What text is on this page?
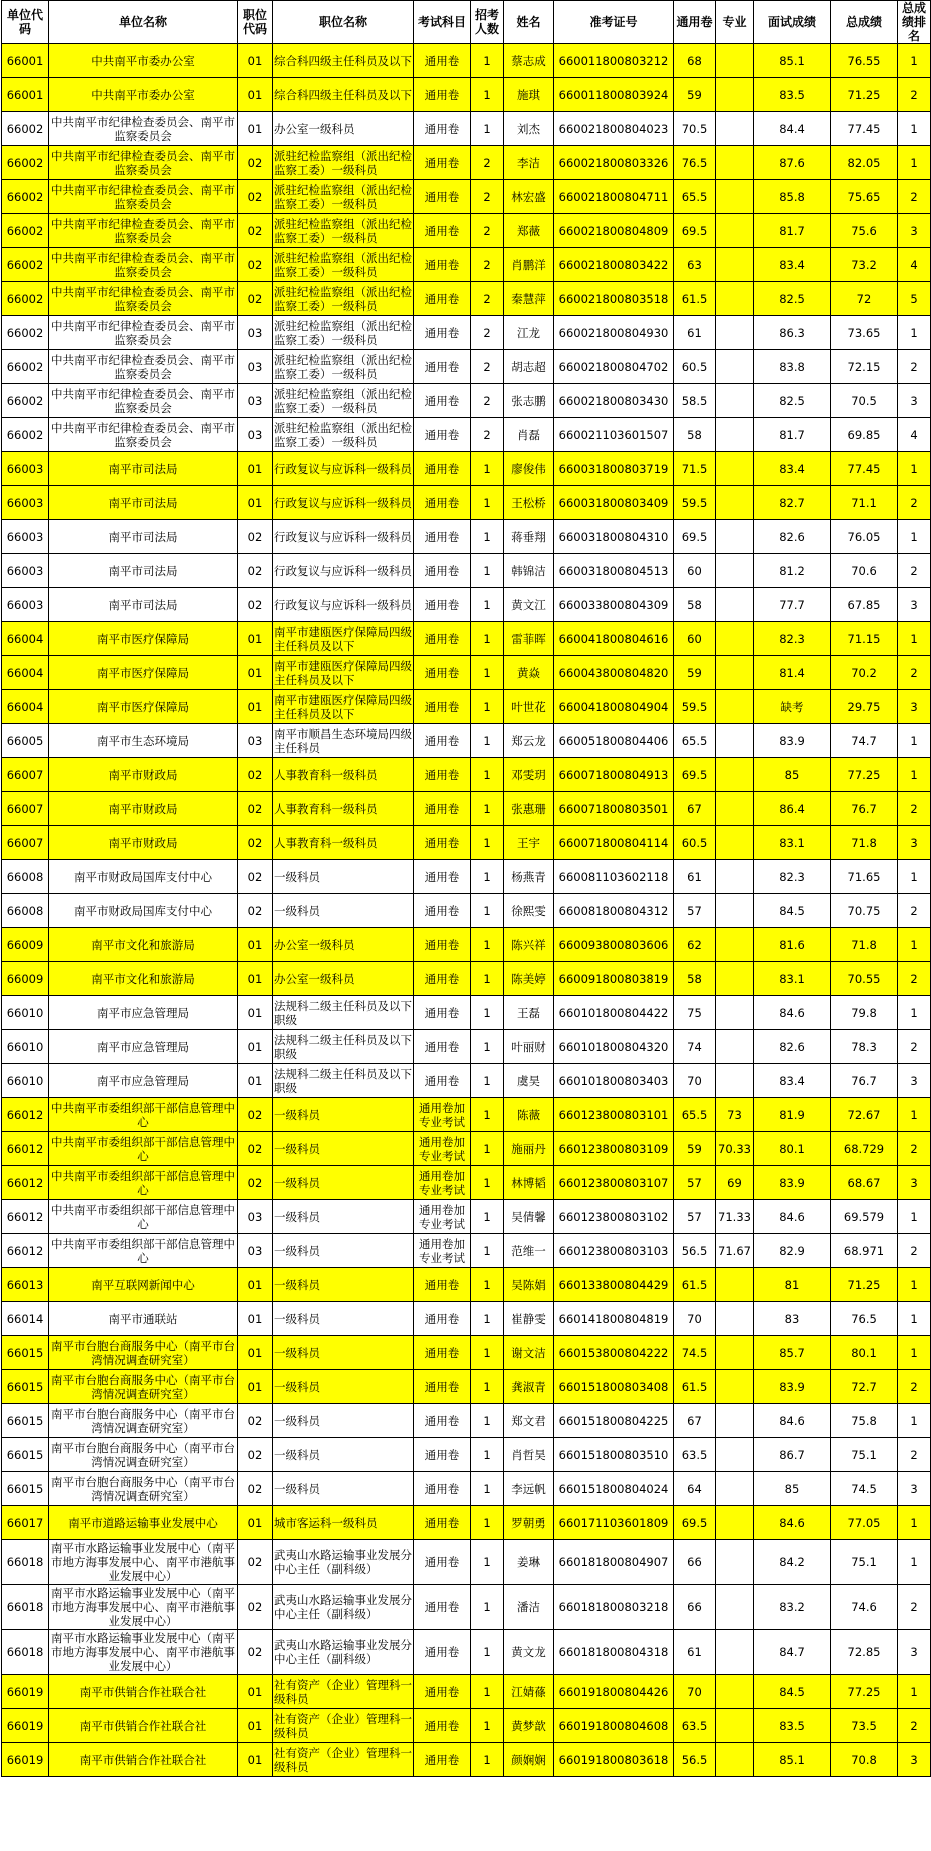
单位代码	单位名称	职位代码	职位名称	考试科目	招考人数	姓名	准考证号	通用卷	专业	面试成绩	总成绩	总成绩排名
66001	中共南平市委办公室	01	综合科四级主任科员及以下	通用卷	1	蔡志成	660011800803212	68		85.1	76.55	1
66001	中共南平市委办公室	01	综合科四级主任科员及以下	通用卷	1	施琪	660011800803924	59		83.5	71.25	2
66002	中共南平市纪律检查委员会、南平市监察委员会	01	办公室一级科员	通用卷	1	刘杰	660021800804023	70.5		84.4	77.45	1
66002	中共南平市纪律检查委员会、南平市监察委员会	02	派驻纪检监察组（派出纪检监察工委）一级科员	通用卷	2	李洁	660021800803326	76.5		87.6	82.05	1
66002	中共南平市纪律检查委员会、南平市监察委员会	02	派驻纪检监察组（派出纪检监察工委）一级科员	通用卷	2	林宏盛	660021800804711	65.5		85.8	75.65	2
66002	中共南平市纪律检查委员会、南平市监察委员会	02	派驻纪检监察组（派出纪检监察工委）一级科员	通用卷	2	郑薇	660021800804809	69.5		81.7	75.6	3
66002	中共南平市纪律检查委员会、南平市监察委员会	02	派驻纪检监察组（派出纪检监察工委）一级科员	通用卷	2	肖鹏洋	660021800803422	63		83.4	73.2	4
66002	中共南平市纪律检查委员会、南平市监察委员会	02	派驻纪检监察组（派出纪检监察工委）一级科员	通用卷	2	秦慧萍	660021800803518	61.5		82.5	72	5
66002	中共南平市纪律检查委员会、南平市监察委员会	03	派驻纪检监察组（派出纪检监察工委）一级科员	通用卷	2	江龙	660021800804930	61		86.3	73.65	1
66002	中共南平市纪律检查委员会、南平市监察委员会	03	派驻纪检监察组（派出纪检监察工委）一级科员	通用卷	2	胡志超	660021800804702	60.5		83.8	72.15	2
66002	中共南平市纪律检查委员会、南平市监察委员会	03	派驻纪检监察组（派出纪检监察工委）一级科员	通用卷	2	张志鹏	660021800803430	58.5		82.5	70.5	3
66002	中共南平市纪律检查委员会、南平市监察委员会	03	派驻纪检监察组（派出纪检监察工委）一级科员	通用卷	2	肖磊	660021103601507	58		81.7	69.85	4
66003	南平市司法局	01	行政复议与应诉科一级科员	通用卷	1	廖俊伟	660031800803719	71.5		83.4	77.45	1
66003	南平市司法局	01	行政复议与应诉科一级科员	通用卷	1	王松桥	660031800803409	59.5		82.7	71.1	2
66003	南平市司法局	02	行政复议与应诉科一级科员	通用卷	1	蒋垂翔	660031800804310	69.5		82.6	76.05	1
66003	南平市司法局	02	行政复议与应诉科一级科员	通用卷	1	韩锦洁	660031800804513	60		81.2	70.6	2
66003	南平市司法局	02	行政复议与应诉科一级科员	通用卷	1	黄文江	660033800804309	58		77.7	67.85	3
66004	南平市医疗保障局	01	南平市建瓯医疗保障局四级主任科员及以下	通用卷	1	雷菲晖	660041800804616	60		82.3	71.15	1
66004	南平市医疗保障局	01	南平市建瓯医疗保障局四级主任科员及以下	通用卷	1	黄焱	660043800804820	59		81.4	70.2	2
66004	南平市医疗保障局	01	南平市建瓯医疗保障局四级主任科员及以下	通用卷	1	叶世花	660041800804904	59.5		缺考	29.75	3
66005	南平市生态环境局	03	南平市顺昌生态环境局四级主任科员	通用卷	1	郑云龙	660051800804406	65.5		83.9	74.7	1
66007	南平市财政局	02	人事教育科一级科员	通用卷	1	邓雯玥	660071800804913	69.5		85	77.25	1
66007	南平市财政局	02	人事教育科一级科员	通用卷	1	张惠珊	660071800803501	67		86.4	76.7	2
66007	南平市财政局	02	人事教育科一级科员	通用卷	1	王宇	660071800804114	60.5		83.1	71.8	3
66008	南平市财政局国库支付中心	02	一级科员	通用卷	1	杨燕青	660081103602118	61		82.3	71.65	1
66008	南平市财政局国库支付中心	02	一级科员	通用卷	1	徐熙雯	660081800804312	57		84.5	70.75	2
66009	南平市文化和旅游局	01	办公室一级科员	通用卷	1	陈兴祥	660093800803606	62		81.6	71.8	1
66009	南平市文化和旅游局	01	办公室一级科员	通用卷	1	陈美婷	660091800803819	58		83.1	70.55	2
66010	南平市应急管理局	01	法规科二级主任科员及以下职级	通用卷	1	王磊	660101800804422	75		84.6	79.8	1
66010	南平市应急管理局	01	法规科二级主任科员及以下职级	通用卷	1	叶丽财	660101800804320	74		82.6	78.3	2
66010	南平市应急管理局	01	法规科二级主任科员及以下职级	通用卷	1	虞昊	660101800803403	70		83.4	76.7	3
66012	中共南平市委组织部干部信息管理中心	02	一级科员	通用卷加专业考试	1	陈薇	660123800803101	65.5	73	81.9	72.67	1
66012	中共南平市委组织部干部信息管理中心	02	一级科员	通用卷加专业考试	1	施丽丹	660123800803109	59	70.33	80.1	68.729	2
66012	中共南平市委组织部干部信息管理中心	02	一级科员	通用卷加专业考试	1	林博韬	660123800803107	57	69	83.9	68.67	3
66012	中共南平市委组织部干部信息管理中心	03	一级科员	通用卷加专业考试	1	吴倩馨	660123800803102	57	71.33	84.6	69.579	1
66012	中共南平市委组织部干部信息管理中心	03	一级科员	通用卷加专业考试	1	范维一	660123800803103	56.5	71.67	82.9	68.971	2
66013	南平互联网新闻中心	01	一级科员	通用卷	1	吴陈娟	660133800804429	61.5		81	71.25	1
66014	南平市通联站	01	一级科员	通用卷	1	崔静雯	660141800804819	70		83	76.5	1
66015	南平市台胞台商服务中心（南平市台湾情况调查研究室）	01	一级科员	通用卷	1	谢文洁	660153800804222	74.5		85.7	80.1	1
66015	南平市台胞台商服务中心（南平市台湾情况调查研究室）	01	一级科员	通用卷	1	龚淑青	660151800803408	61.5		83.9	72.7	2
66015	南平市台胞台商服务中心（南平市台湾情况调查研究室）	02	一级科员	通用卷	1	郑文君	660151800804225	67		84.6	75.8	1
66015	南平市台胞台商服务中心（南平市台湾情况调查研究室）	02	一级科员	通用卷	1	肖哲昊	660151800803510	63.5		86.7	75.1	2
66015	南平市台胞台商服务中心（南平市台湾情况调查研究室）	02	一级科员	通用卷	1	李远帆	660151800804024	64		85	74.5	3
66017	南平市道路运输事业发展中心	01	城市客运科一级科员	通用卷	1	罗朝勇	660171103601809	69.5		84.6	77.05	1
66018	南平市水路运输事业发展中心（南平市地方海事发展中心、南平市港航事业发展中心）	02	武夷山水路运输事业发展分中心主任（副科级）	通用卷	1	姜琳	660181800804907	66		84.2	75.1	1
66018	南平市水路运输事业发展中心（南平市地方海事发展中心、南平市港航事业发展中心）	02	武夷山水路运输事业发展分中心主任（副科级）	通用卷	1	潘洁	660181800803218	66		83.2	74.6	2
66018	南平市水路运输事业发展中心（南平市地方海事发展中心、南平市港航事业发展中心）	02	武夷山水路运输事业发展分中心主任（副科级）	通用卷	1	黄文龙	660181800804318	61		84.7	72.85	3
66019	南平市供销合作社联合社	01	社有资产（企业）管理科一级科员	通用卷	1	江婧蓧	660191800804426	70		84.5	77.25	1
66019	南平市供销合作社联合社	01	社有资产（企业）管理科一级科员	通用卷	1	黄梦歆	660191800804608	63.5		83.5	73.5	2
66019	南平市供销合作社联合社	01	社有资产（企业）管理科一级科员	通用卷	1	颜娴娴	660191800803618	56.5		85.1	70.8	3
